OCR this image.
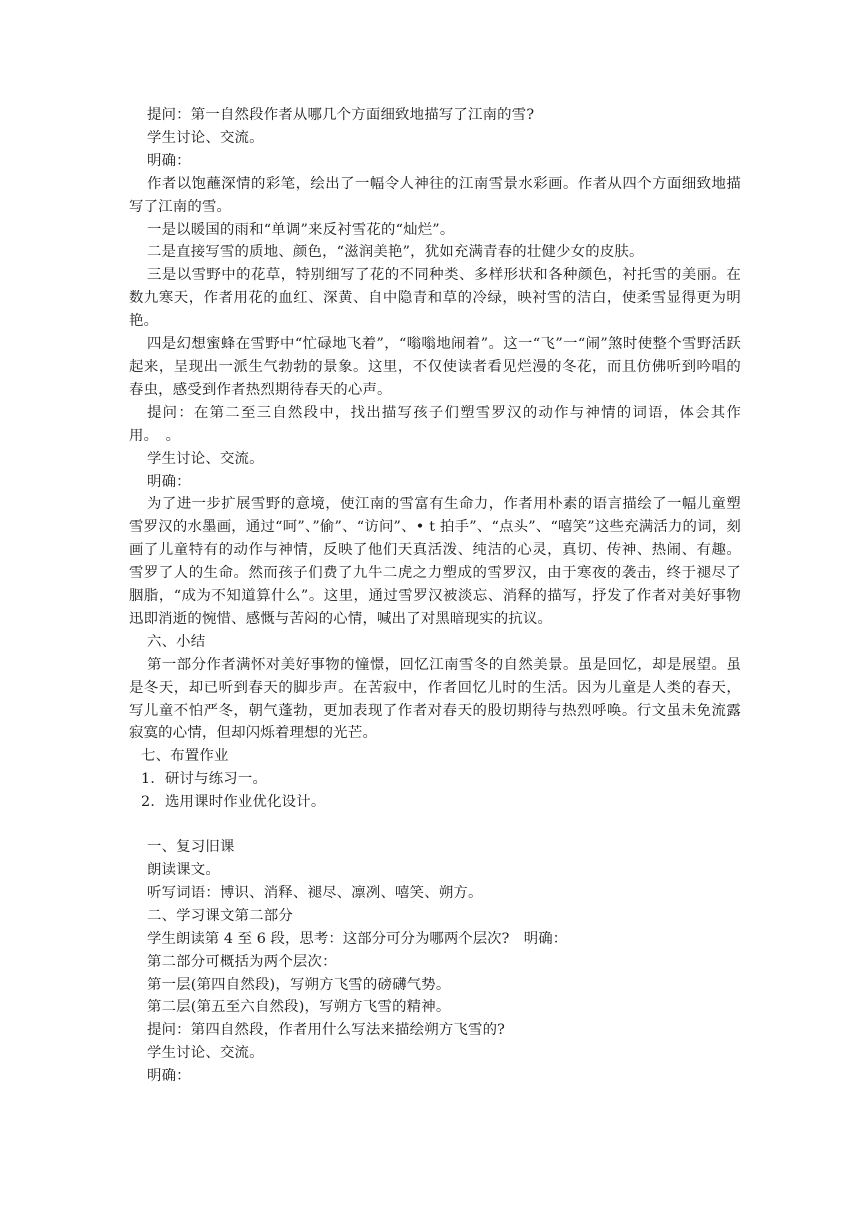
提问：第一自然段作者从哪几个方面细致地描写了江南的雪?

学生讨论、交流。

明确：

作者以饱蘸深情的彩笔，绘出了一幅令人神往的江南雪景水彩画。作者从四个方面细致地描写了江南的雪。

一是以暖国的雨和“单调”来反衬雪花的“灿烂”。

二是直接写雪的质地、颜色，“滋润美艳”，犹如充满青春的壮健少女的皮肤。

三是以雪野中的花草，特别细写了花的不同种类、多样形状和各种颜色，衬托雪的美丽。在数九寒天，作者用花的血红、深黄、自中隐青和草的冷绿，映衬雪的洁白，使柔雪显得更为明艳。

四是幻想蜜蜂在雪野中“忙碌地飞着”，“嗡嗡地闹着”。这一“飞”一“闹”煞时使整个雪野活跃起来，呈现出一派生气勃勃的景象。这里，不仅使读者看见烂漫的冬花，而且仿佛听到吟唱的春虫，感受到作者热烈期待春天的心声。

提问：在第二至三自然段中，找出描写孩子们塑雪罗汉的动作与神情的词语，体会其作用。　。

学生讨论、交流。

明确：

为了进一步扩展雪野的意境，使江南的雪富有生命力，作者用朴素的语言描绘了一幅儿童塑雪罗汉的水墨画，通过“呵”、”偷”、“访问”、• t 拍手”、“点头”、“嘻笑”这些充满活力的词，刻画了儿童特有的动作与神情，反映了他们天真活泼、纯洁的心灵，真切、传神、热闹、有趣。雪罗了人的生命。然而孩子们费了九牛二虎之力塑成的雪罗汉，由于寒夜的袭击，终于褪尽了胭脂，“成为不知道算什么”。这里，通过雪罗汉被淡忘、消释的描写，抒发了作者对美好事物迅即消逝的惋惜、感慨与苦闷的心情，喊出了对黑暗现实的抗议。

六、小结

第一部分作者满怀对美好事物的憧憬，回忆江南雪冬的自然美景。虽是回忆，却是展望。虽是冬天，却已听到春天的脚步声。在苦寂中，作者回忆儿时的生活。因为儿童是人类的春天，写儿童不怕严冬，朝气蓬勃，更加表现了作者对春天的股切期待与热烈呼唤。行文虽未免流露寂寞的心情，但却闪烁着理想的光芒。

七、布置作业

1．研讨与练习一。

2．选用课时作业优化设计。

一、复习旧课

朗读课文。

听写词语：博识、消释、褪尽、凛冽、嘻笑、朔方。

二、学习课文第二部分

学生朗读第 4 至 6 段，思考：这部分可分为哪两个层次?　明确：

第二部分可概括为两个层次：

第一层(第四自然段)，写朔方飞雪的磅礴气势。

第二层(第五至六自然段)，写朔方飞雪的精神。

提问：第四自然段，作者用什么写法来描绘朔方飞雪的?

学生讨论、交流。

明确：
